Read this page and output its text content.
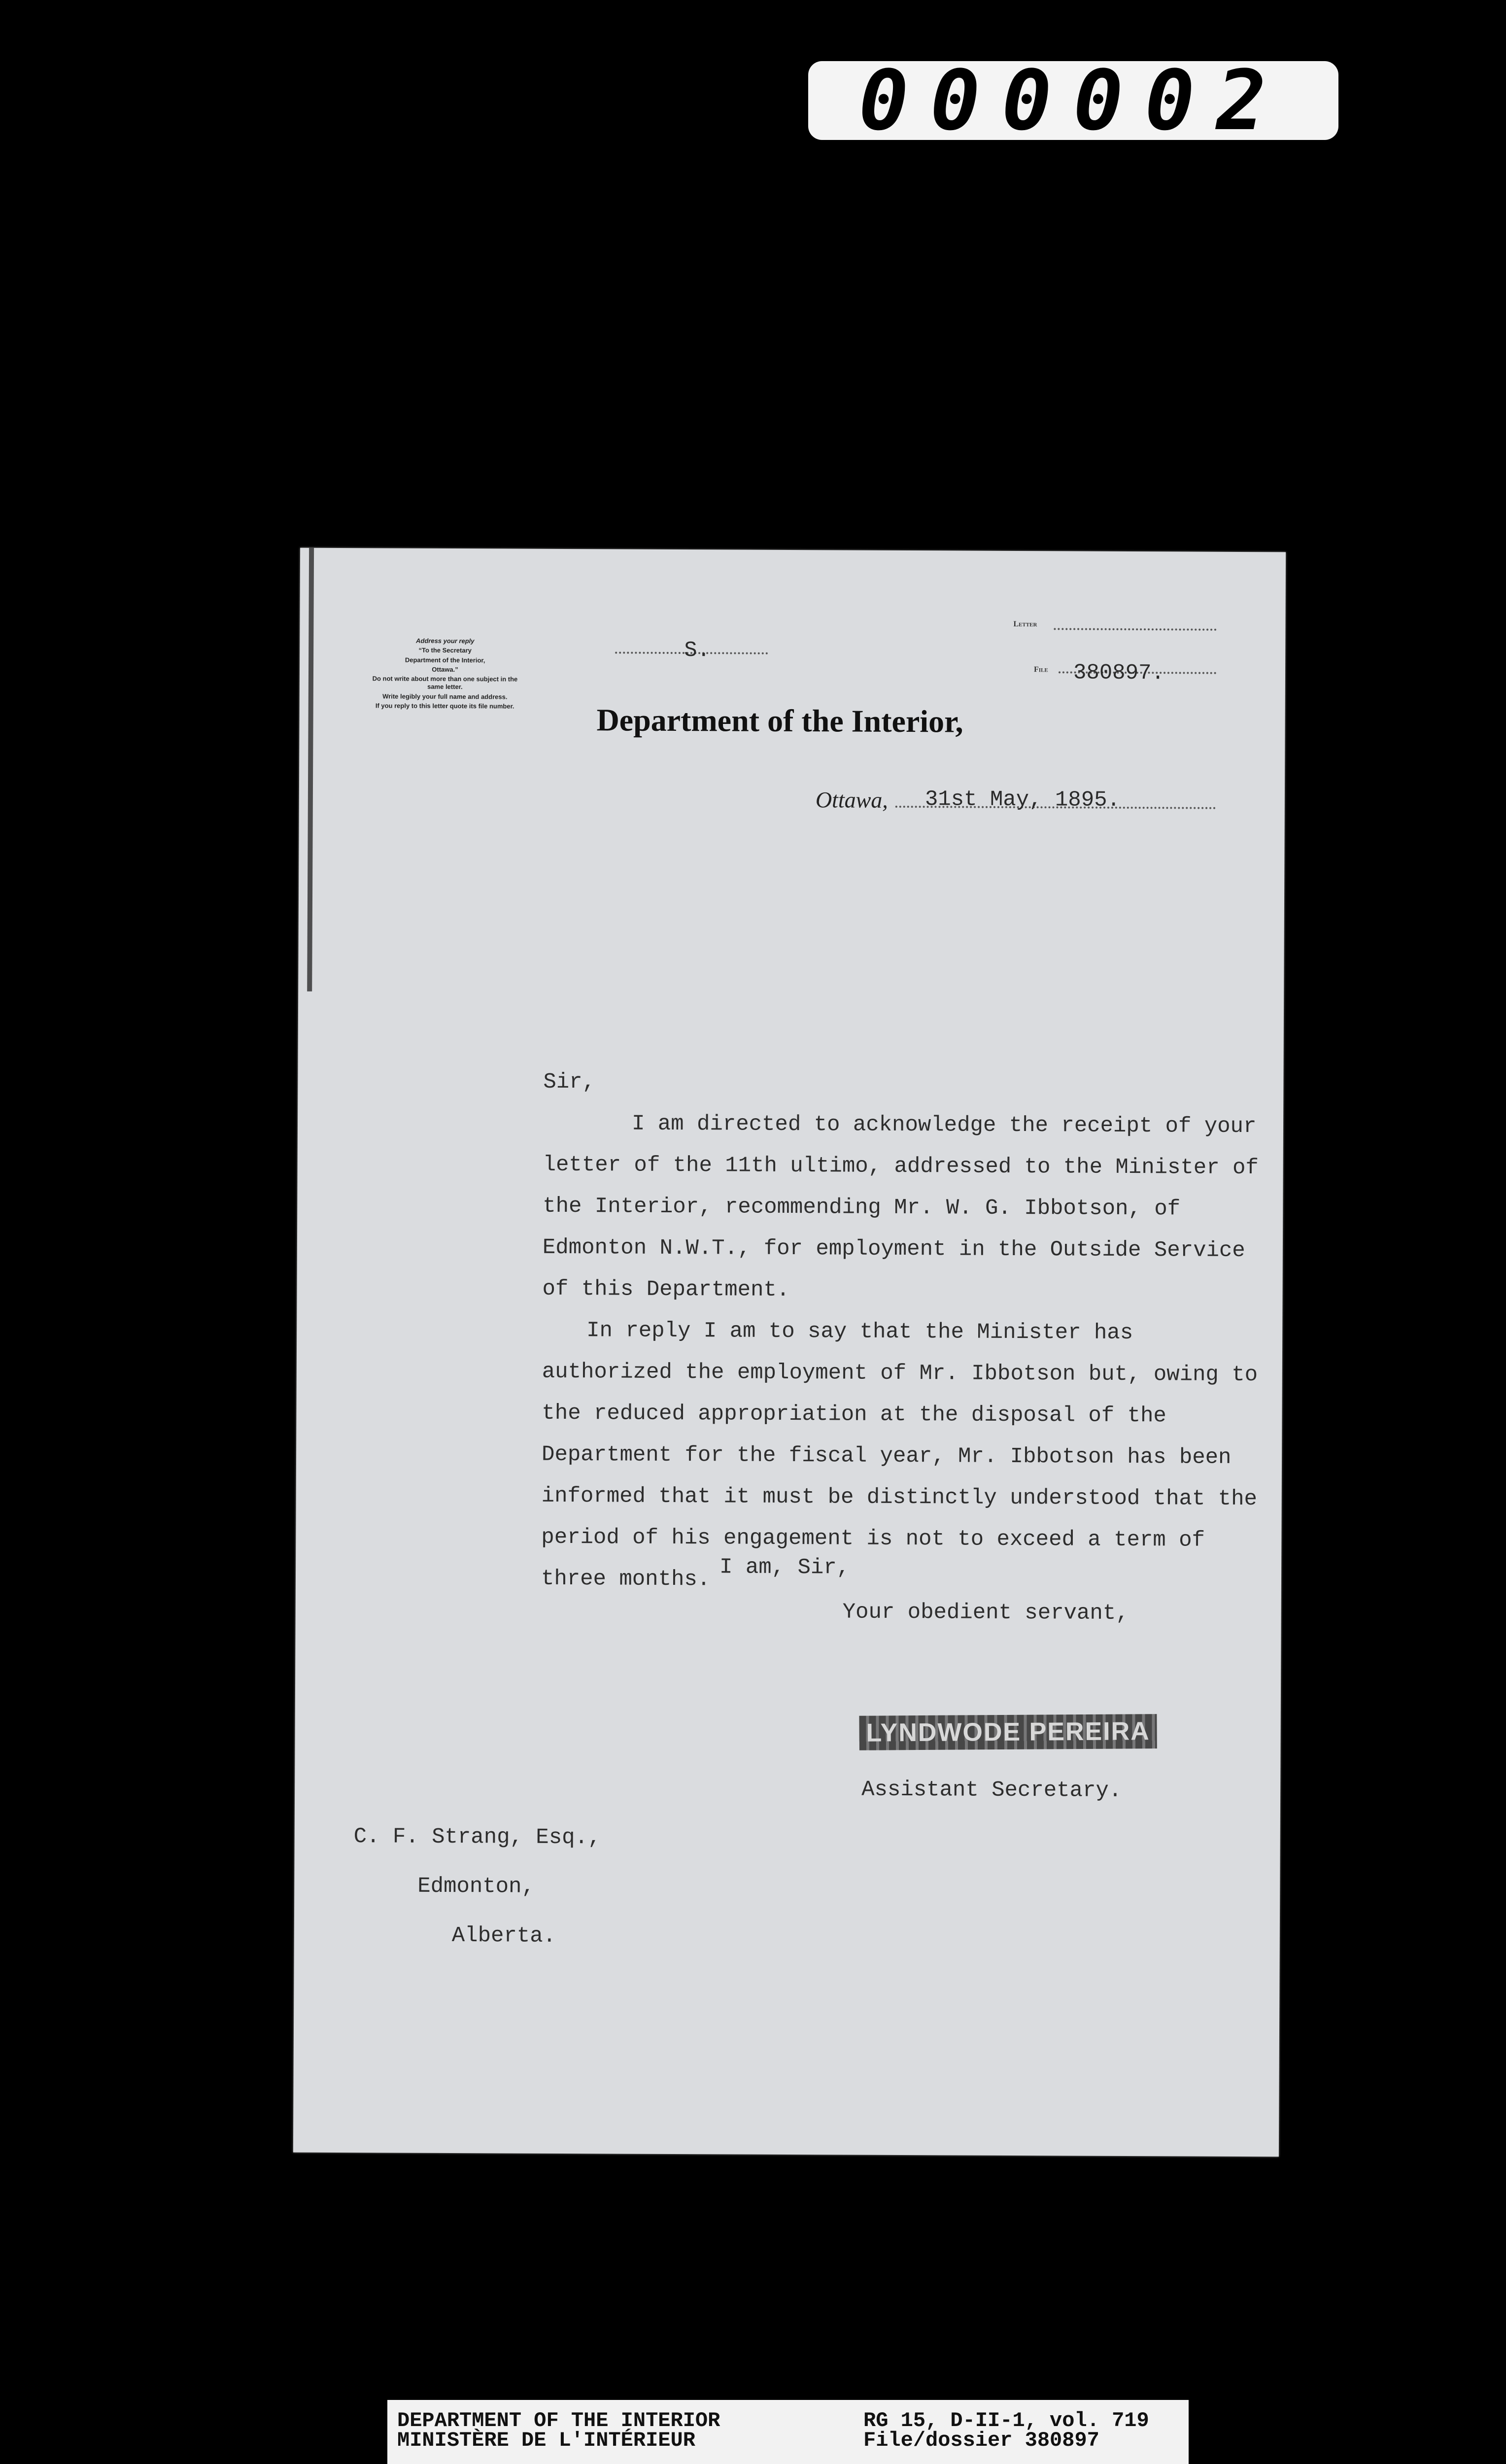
000002
Address your reply
“To the Secretary
Department of the Interior,
Ottawa.”
Do not write about more than one subject in the same letter.
Write legibly your full name and address.
If you reply to this letter quote its file number.
S.
Letter
File 380897.
Department of the Interior,
Ottawa, 31st May, 1895.

Sir,

I am directed to acknowledge the receipt of your letter of the 11th ultimo, addressed to the Minister of the Interior, recommending Mr. W. G. Ibbotson, of Edmonton N.W.T., for employment in the Outside Service of this Department.

In reply I am to say that the Minister has authorized the employment of Mr. Ibbotson but, owing to the reduced appropriation at the disposal of the Department for the fiscal year, Mr. Ibbotson has been informed that it must be distinctly understood that the period of his engagement is not to exceed a term of three months. I am, Sir,
Your obedient servant,
LYNDWODE PEREIRA
Assistant Secretary.
C. F. Strang, Esq.,
Edmonton,
Alberta.
DEPARTMENT OF THE INTERIOR
MINISTÈRE DE L'INTÉRIEUR
RG 15, D-II-1, vol. 719
File/dossier 380897
